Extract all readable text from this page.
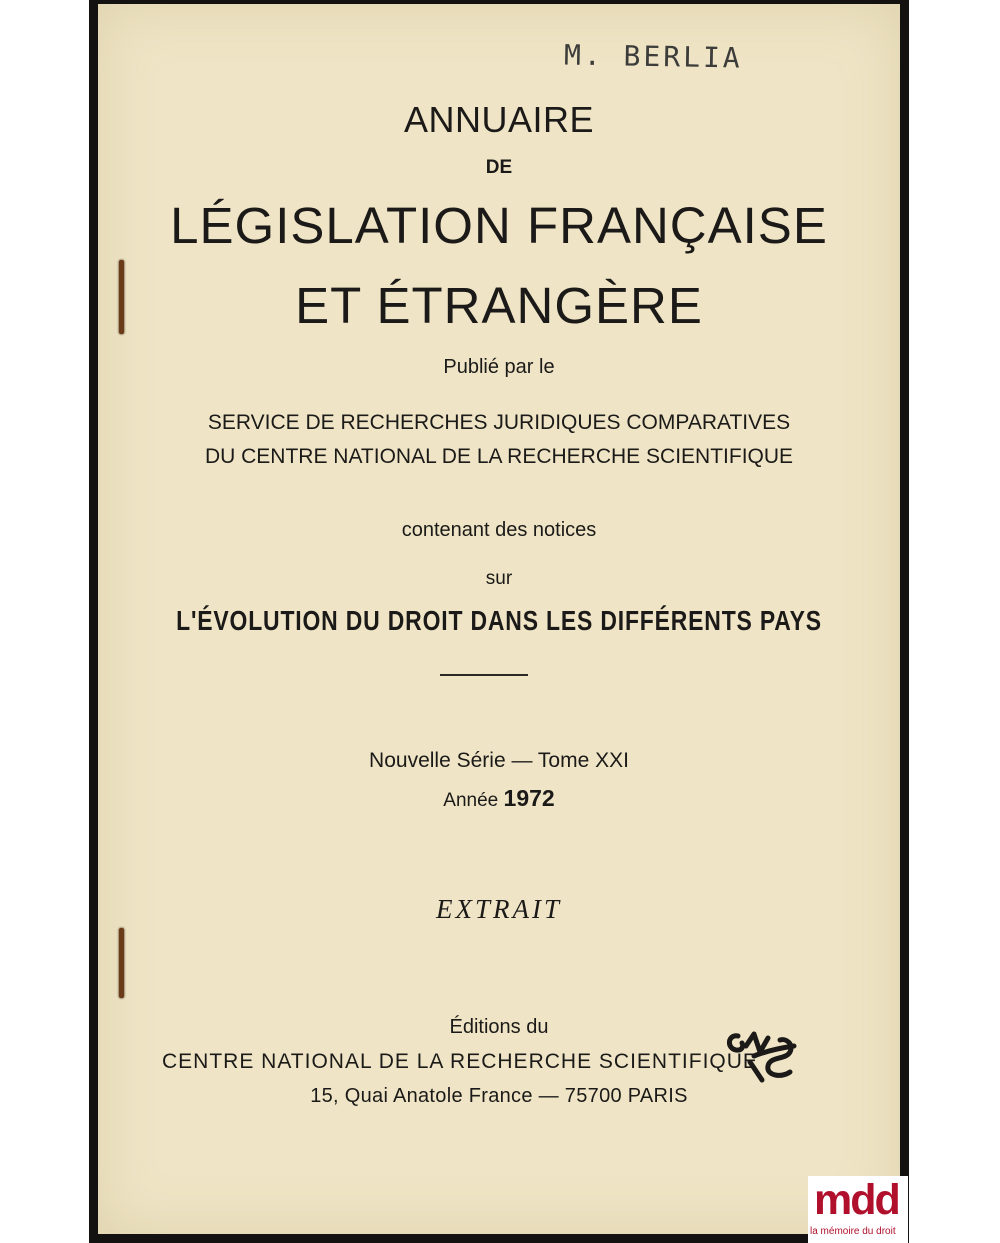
M. BERLIA
ANNUAIRE
DE
LÉGISLATION FRANÇAISE
ET ÉTRANGÈRE
Publié par le
SERVICE DE RECHERCHES JURIDIQUES COMPARATIVES
DU CENTRE NATIONAL DE LA RECHERCHE SCIENTIFIQUE
contenant des notices
sur
L'ÉVOLUTION DU DROIT DANS LES DIFFÉRENTS PAYS
Nouvelle Série — Tome XXI
Année 1972
EXTRAIT
Éditions du
CENTRE NATIONAL DE LA RECHERCHE SCIENTIFIQUE
15, Quai Anatole France — 75700 PARIS
mdd
la mémoire du droit
